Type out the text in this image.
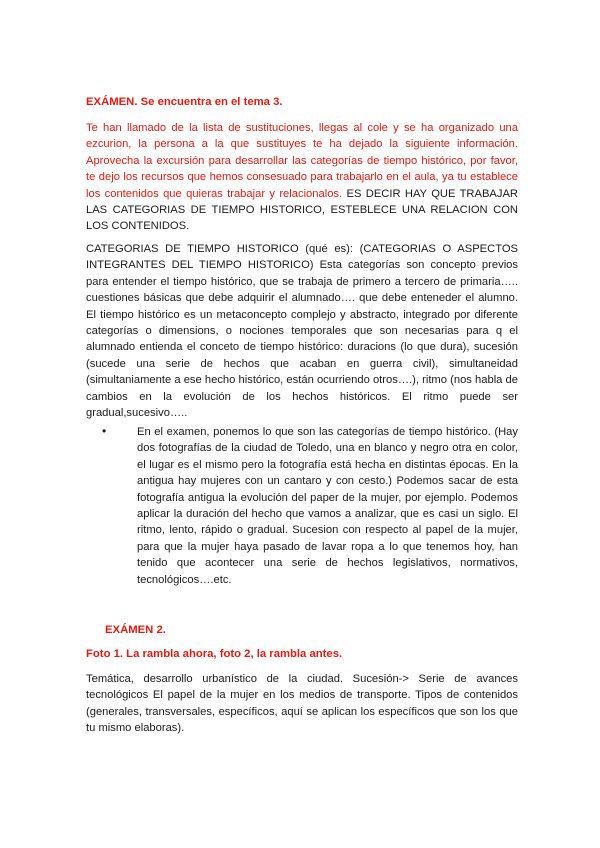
EXÁMEN. Se encuentra en el tema 3.

Te han llamado de la lista de sustituciones, llegas al cole y se ha organizado una ezcurion, la persona a la que sustituyes te ha dejado la siguiente información. Aprovecha la excursión para desarrollar las categorías de tiempo histórico, por favor, te dejo los recursos que hemos consesuado para trabajarlo en el aula, ya tu establece los contenidos que quieras trabajar y relacionalos. ES DECIR HAY QUE TRABAJAR LAS CATEGORIAS DE TIEMPO HISTORICO, ESTEBLECE UNA RELACION CON LOS CONTENIDOS.

CATEGORIAS DE TIEMPO HISTORICO (qué es): (CATEGORIAS O ASPECTOS INTEGRANTES DEL TIEMPO HISTORICO) Esta categorías son concepto previos para entender el tiempo histórico, que se trabaja de primero a tercero de primaria….. cuestiones básicas que debe adquirir el alumnado…. que debe enteneder el alumno. El tiempo histórico es un metaconcepto complejo y abstracto, integrado por diferente categorías o dimensions, o nociones temporales que son necesarias para q el alumnado entienda el conceto de tiempo histórico: duracions (lo que dura), sucesión (sucede una serie de hechos que acaban en guerra civil), simultaneidad (simultaniamente a ese hecho histórico, están ocurriendo otros….), ritmo (nos habla de cambios en la evolución de los hechos históricos. El ritmo puede ser gradual,sucesivo…..

•	En el examen, ponemos lo que son las categorías de tiempo histórico. (Hay dos fotografías de la ciudad de Toledo, una en blanco y negro otra en color, el lugar es el mismo pero la fotografía está hecha en distintas épocas. En la antigua hay mujeres con un cantaro y con cesto.) Podemos sacar de esta fotografía antigua la evolución del paper de la mujer, por ejemplo. Podemos aplicar la duración del hecho que vamos a analizar, que es casi un siglo. El ritmo, lento, rápido o gradual. Sucesion con respecto al papel de la mujer, para que la mujer haya pasado de lavar ropa a lo que tenemos hoy, han tenido que acontecer una serie de hechos legislativos, normativos, tecnológicos….etc.

EXÁMEN 2.
Foto 1. La rambla ahora, foto 2, la rambla antes.

Temática, desarrollo urbanístico de la ciudad. Sucesión-> Serie de avances tecnológicos El papel de la mujer en los medios de transporte. Tipos de contenidos (generales, transversales, específicos, aquí se aplican los específicos que son los que tu mismo elaboras).
